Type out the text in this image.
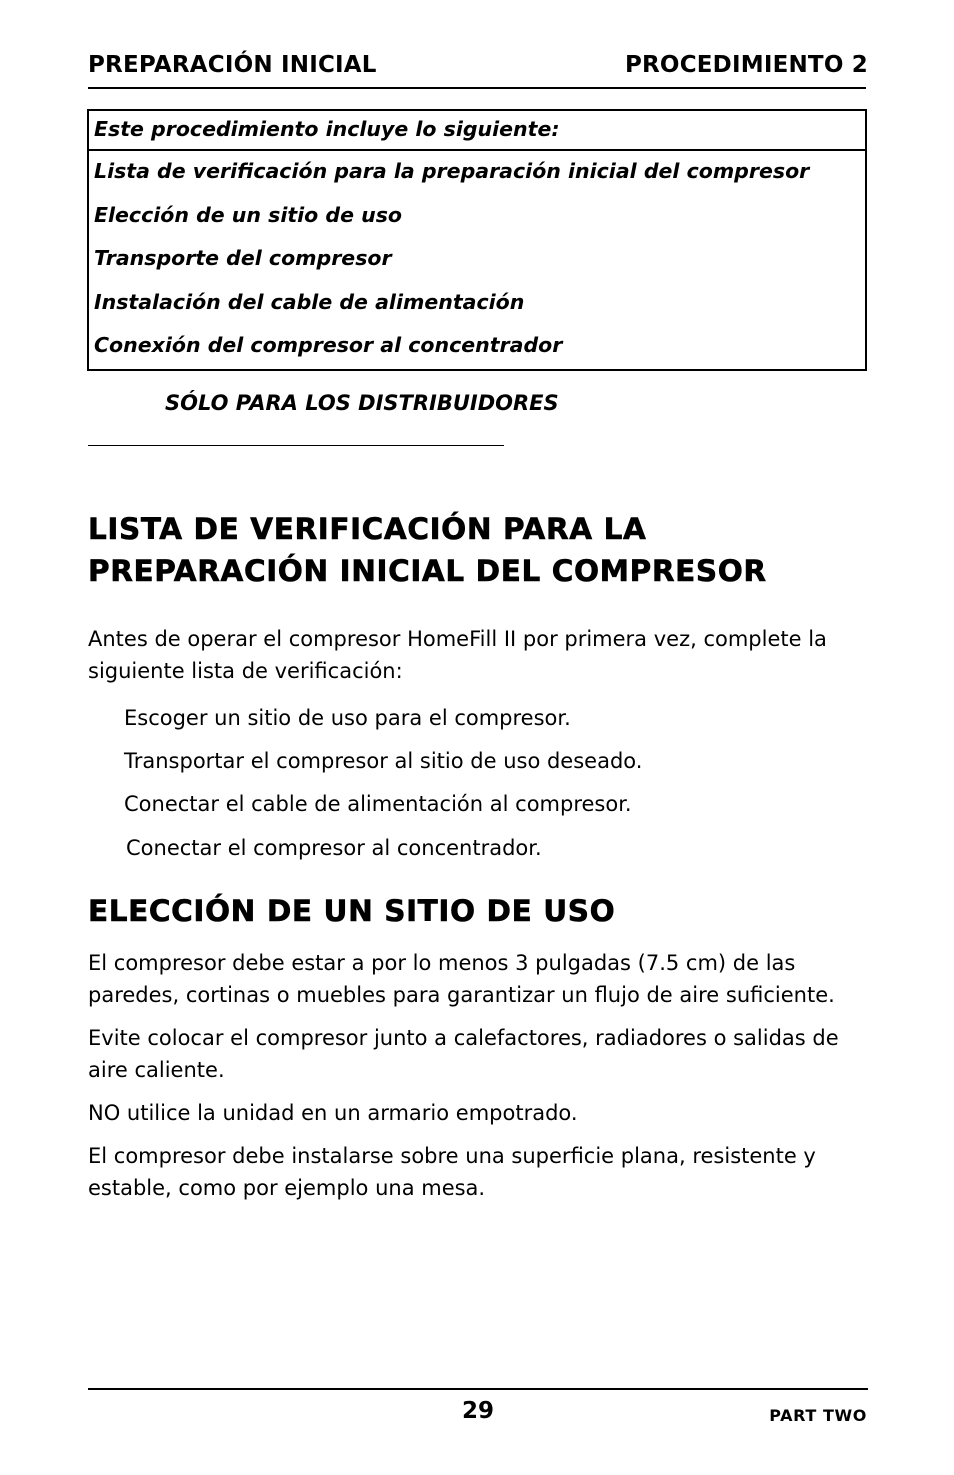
PREPARACIÓN INICIAL	PROCEDIMIENTO 2
Este procedimiento incluye lo siguiente:
Lista de verificación para la preparación inicial del compresor
Elección de un sitio de uso
Transporte del compresor
Instalación del cable de alimentación
Conexión del compresor al concentrador
SÓLO PARA LOS DISTRIBUIDORES
LISTA DE VERIFICACIÓN PARA LA
PREPARACIÓN INICIAL DEL COMPRESOR
Antes de operar el compresor HomeFill II por primera vez, complete la siguiente lista de verificación:
Escoger un sitio de uso para el compresor.
Transportar el compresor al sitio de uso deseado.
Conectar el cable de alimentación al compresor.
Conectar el compresor al concentrador.
ELECCIÓN DE UN SITIO DE USO
El compresor debe estar a por lo menos 3 pulgadas (7.5 cm) de las paredes, cortinas o muebles para garantizar un flujo de aire suficiente.
Evite colocar el compresor junto a calefactores, radiadores o salidas de aire caliente.
NO utilice la unidad en un armario empotrado.
El compresor debe instalarse sobre una superficie plana, resistente y estable, como por ejemplo una mesa.
29	PART TWO
